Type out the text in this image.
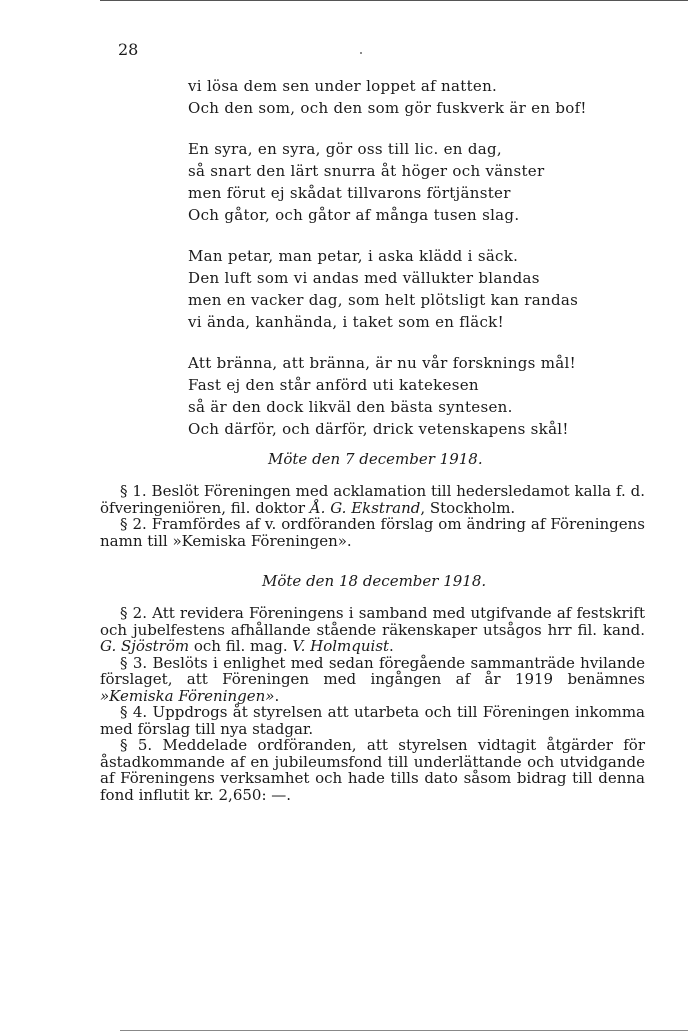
28
vi lösa dem sen under loppet af natten.
Och den som, och den som gör fuskverk är en bof!
En syra, en syra, gör oss till lic. en dag,
så snart den lärt snurra åt höger och vänster
men förut ej skådat tillvarons förtjänster
Och gåtor, och gåtor af många tusen slag.
Man petar, man petar, i aska klädd i säck.
Den luft som vi andas med vällukter blandas
men en vacker dag, som helt plötsligt kan randas
vi ända, kanhända, i taket som en fläck!
Att bränna, att bränna, är nu vår forsknings mål!
Fast ej den står anförd uti katekesen
så är den dock likväl den bästa syntesen.
Och därför, och därför, drick vetenskapens skål!
Möte den 7 december 1918.
§ 1. Beslöt Föreningen med acklamation till hedersledamot kalla f. d. öfveringeniören, fil. doktor Å. G. Ekstrand, Stockholm.
§ 2. Framfördes af v. ordföranden förslag om ändring af Föreningens namn till »Kemiska Föreningen».
Möte den 18 december 1918.
§ 2. Att revidera Föreningens i samband med utgifvande af festskrift och jubelfestens afhållande stående räkenskaper utsågos hrr fil. kand. G. Sjöström och fil. mag. V. Holmquist.
§ 3. Beslöts i enlighet med sedan föregående sammanträde hvilande förslaget, att Föreningen med ingången af år 1919 benämnes »Kemiska Föreningen».
§ 4. Uppdrogs åt styrelsen att utarbeta och till Föreningen inkomma med förslag till nya stadgar.
§ 5. Meddelade ordföranden, att styrelsen vidtagit åtgärder för åstadkommande af en jubileumsfond till underlättande och utvidgande af Föreningens verksamhet och hade tills dato såsom bidrag till denna fond influtit kr. 2,650: —.
